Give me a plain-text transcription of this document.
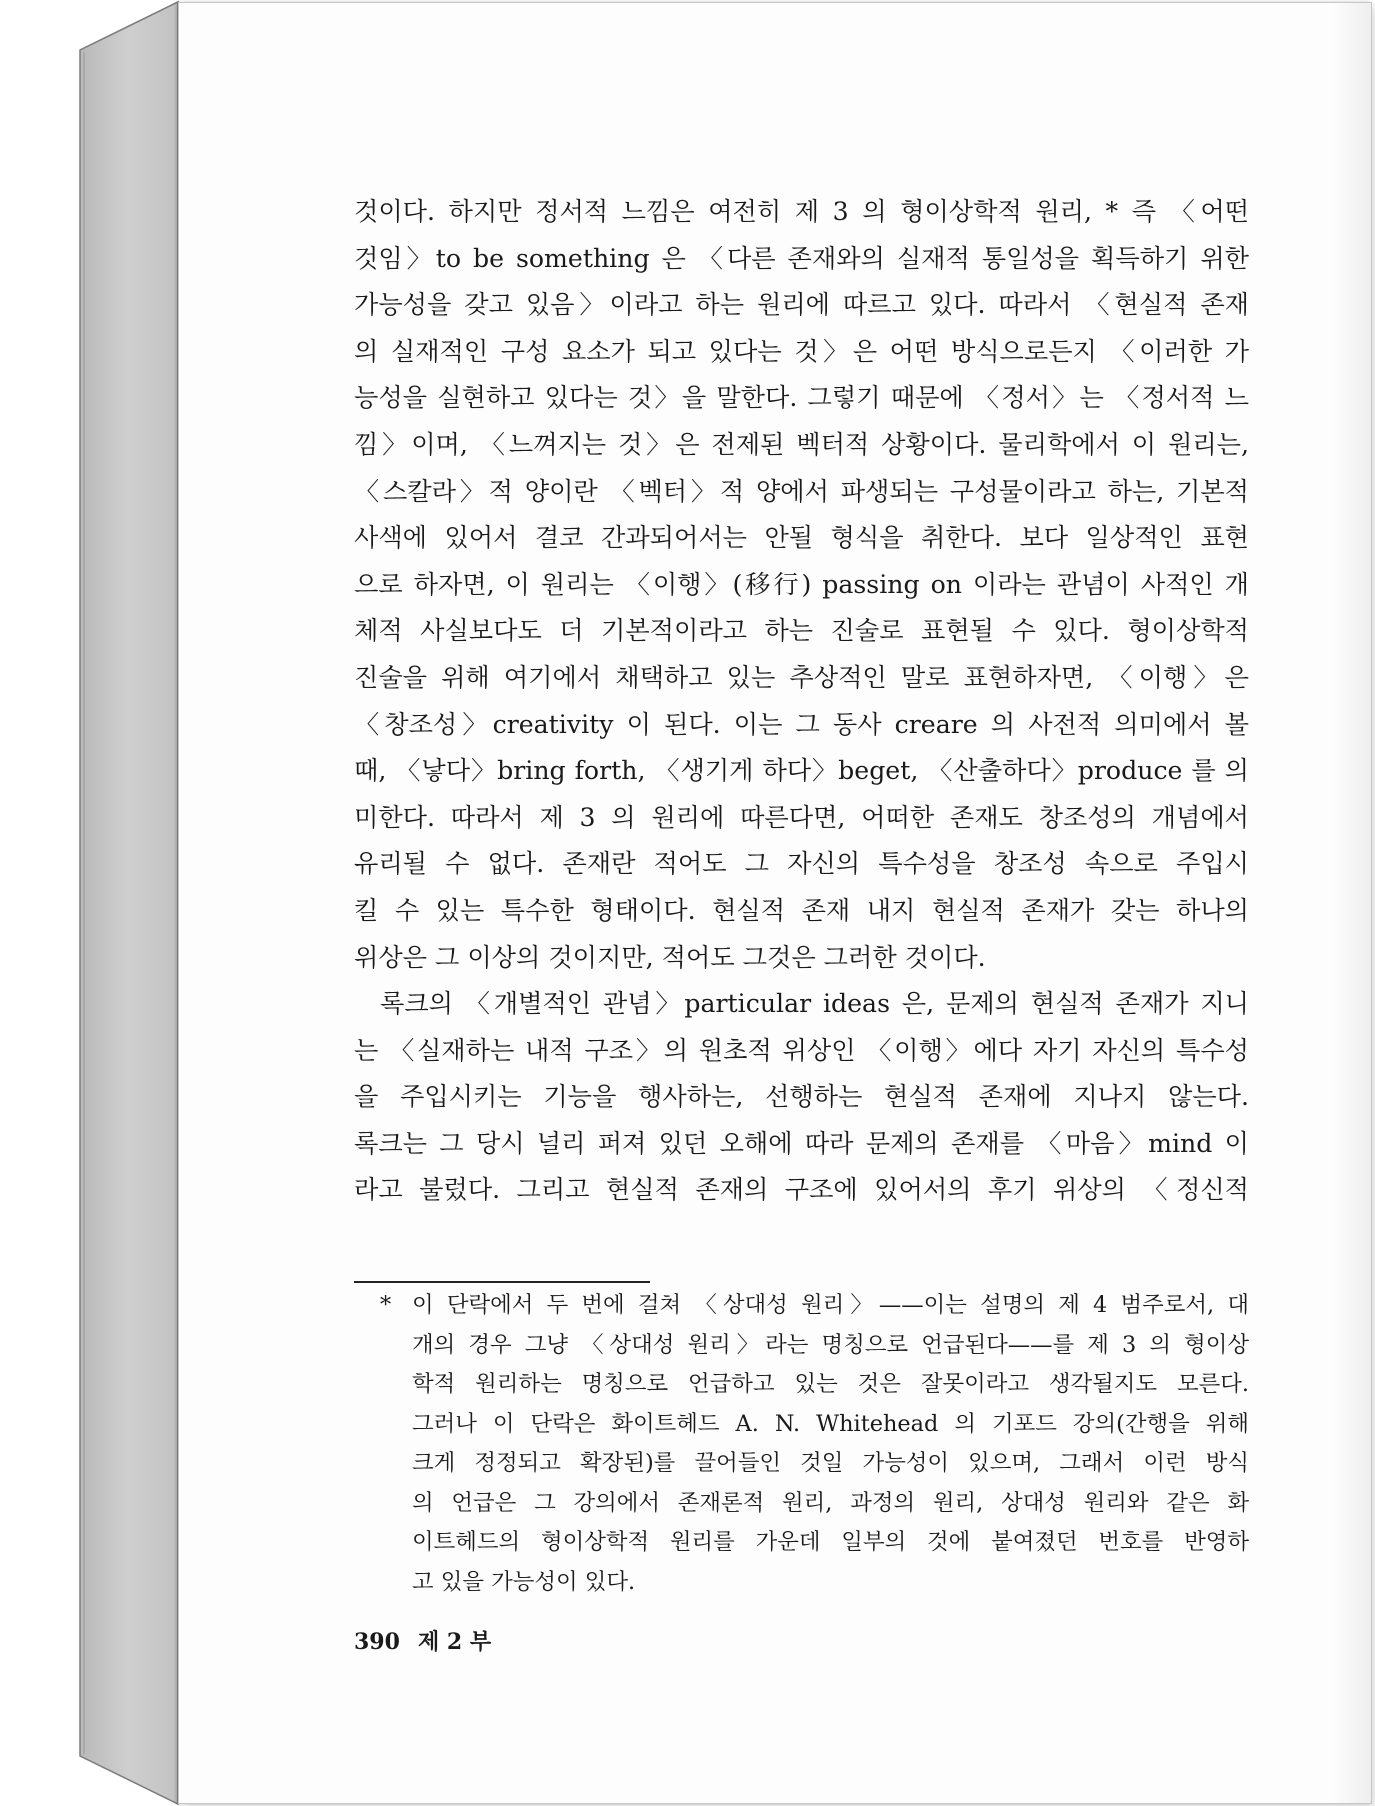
것이다. 하지만 정서적 느낌은 여전히 제 3 의 형이상학적 원리, * 즉 〈어떤
것임〉to be something 은 〈다른 존재와의 실재적 통일성을 획득하기 위한
가능성을 갖고 있음〉이라고 하는 원리에 따르고 있다. 따라서 〈현실적 존재
의 실재적인 구성 요소가 되고 있다는 것〉은 어떤 방식으로든지 〈이러한 가
능성을 실현하고 있다는 것〉을 말한다. 그렇기 때문에 〈정서〉는 〈정서적 느
낌〉이며, 〈느껴지는 것〉은 전제된 벡터적 상황이다. 물리학에서 이 원리는,
〈스칼라〉적 양이란 〈벡터〉적 양에서 파생되는 구성물이라고 하는, 기본적
사색에 있어서 결코 간과되어서는 안될 형식을 취한다. 보다 일상적인 표현
으로 하자면, 이 원리는 〈이행〉(移行) passing on 이라는 관념이 사적인 개
체적 사실보다도 더 기본적이라고 하는 진술로 표현될 수 있다. 형이상학적
진술을 위해 여기에서 채택하고 있는 추상적인 말로 표현하자면, 〈이행〉은
〈창조성〉creativity 이 된다. 이는 그 동사 creare 의 사전적 의미에서 볼
때, 〈낳다〉bring forth, 〈생기게 하다〉beget, 〈산출하다〉produce 를 의
미한다. 따라서 제 3 의 원리에 따른다면, 어떠한 존재도 창조성의 개념에서
유리될 수 없다. 존재란 적어도 그 자신의 특수성을 창조성 속으로 주입시
킬 수 있는 특수한 형태이다. 현실적 존재 내지 현실적 존재가 갖는 하나의
위상은 그 이상의 것이지만, 적어도 그것은 그러한 것이다.
록크의 〈개별적인 관념〉particular ideas 은, 문제의 현실적 존재가 지니
는 〈실재하는 내적 구조〉의 원초적 위상인 〈이행〉에다 자기 자신의 특수성
을 주입시키는 기능을 행사하는, 선행하는 현실적 존재에 지나지 않는다.
록크는 그 당시 널리 퍼져 있던 오해에 따라 문제의 존재를 〈마음〉mind 이
라고 불렀다. 그리고 현실적 존재의 구조에 있어서의 후기 위상의 〈정신적
* 이 단락에서 두 번에 걸쳐 〈상대성 원리〉——이는 설명의 제 4 범주로서, 대
개의 경우 그냥 〈상대성 원리〉라는 명칭으로 언급된다——를 제 3 의 형이상
학적 원리하는 명칭으로 언급하고 있는 것은 잘못이라고 생각될지도 모른다.
그러나 이 단락은 화이트헤드 A. N. Whitehead 의 기포드 강의(간행을 위해
크게 정정되고 확장된)를 끌어들인 것일 가능성이 있으며, 그래서 이런 방식
의 언급은 그 강의에서 존재론적 원리, 과정의 원리, 상대성 원리와 같은 화
이트헤드의 형이상학적 원리를 가운데 일부의 것에 붙여졌던 번호를 반영하
고 있을 가능성이 있다.
390 제 2 부
